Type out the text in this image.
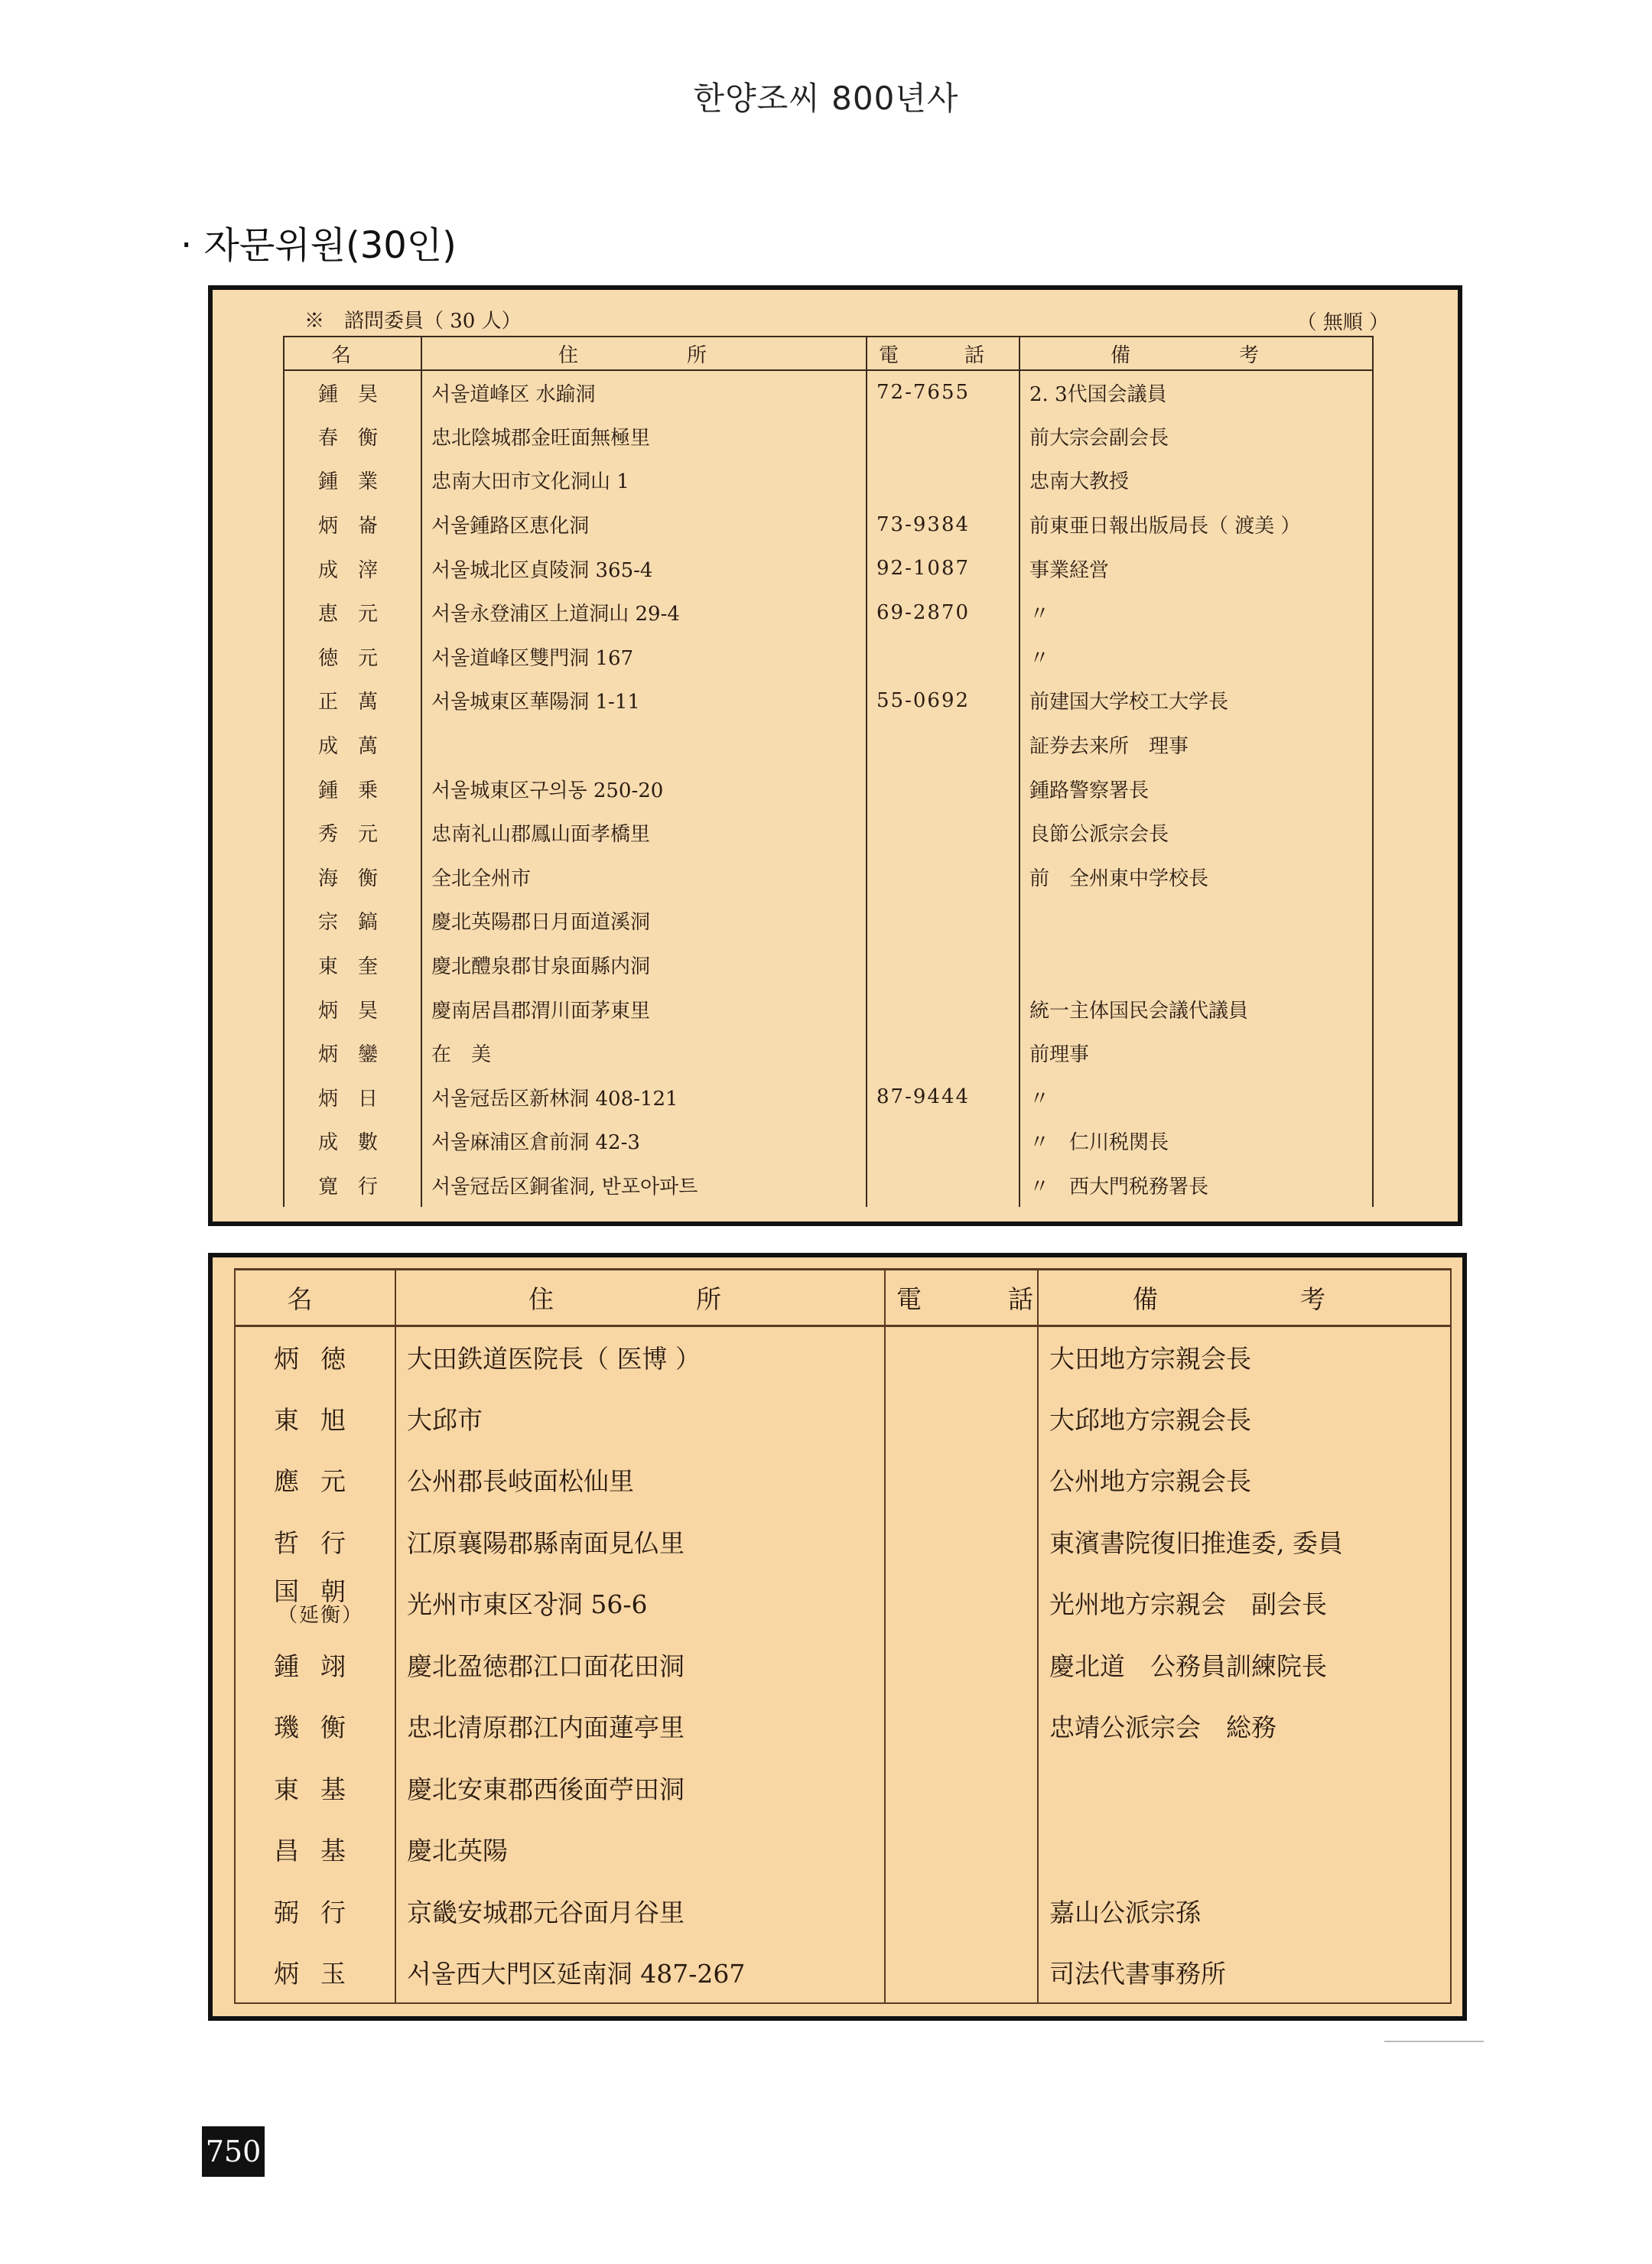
한양조씨 800년사
· 자문위원(30인)
※　諮問委員（ 30 人）	（ 無順 ）
名	住　　所	電　話	備　　考
鍾昊	서울道峰区 水踰洞	72-7655	2. 3代国会議員
春衡	忠北陰城郡金旺面無極里		前大宗会副会長
鍾業	忠南大田市文化洞山 1		忠南大教授
炳崙	서울鍾路区恵化洞	73-9384	前東亜日報出版局長（ 渡美 ）
成滓	서울城北区貞陵洞 365-4	92-1087	事業経営
恵元	서울永登浦区上道洞山 29-4	69-2870	〃
徳元	서울道峰区雙門洞 167		〃
正萬	서울城東区華陽洞 1-11	55-0692	前建国大学校工大学長
成萬			証券去来所　理事
鍾乗	서울城東区구의동 250-20		鍾路警察署長
秀元	忠南礼山郡鳳山面孝橋里		良節公派宗会長
海衡	全北全州市		前　全州東中学校長
宗鎬	慶北英陽郡日月面道溪洞		
東奎	慶北醴泉郡甘泉面縣内洞		
炳昊	慶南居昌郡渭川面茅東里		統一主体国民会議代議員
炳鑾	在　美		前理事
炳日	서울冠岳区新林洞 408-121	87-9444	〃
成數	서울麻浦区倉前洞 42-3		〃　仁川税関長
寛行	서울冠岳区銅雀洞, 반포아파트		〃　西大門税務署長
名	住　　所	電　話	備　　考
炳徳	大田鉄道医院長（ 医博 ）		大田地方宗親会長
東旭	大邱市		大邱地方宗親会長
應元	公州郡長岐面松仙里		公州地方宗親会長
哲行	江原襄陽郡縣南面見仏里		東濱書院復旧推進委, 委員
国朝
（延衡）	光州市東区장洞 56-6		光州地方宗親会　副会長
鍾翊	慶北盈徳郡江口面花田洞		慶北道　公務員訓練院長
璣衡	忠北清原郡江内面蓮亭里		忠靖公派宗会　総務
東基	慶北安東郡西後面苧田洞		
昌基	慶北英陽		
弼行	京畿安城郡元谷面月谷里		嘉山公派宗孫
炳玉	서울西大門区延南洞 487-267		司法代書事務所
750
